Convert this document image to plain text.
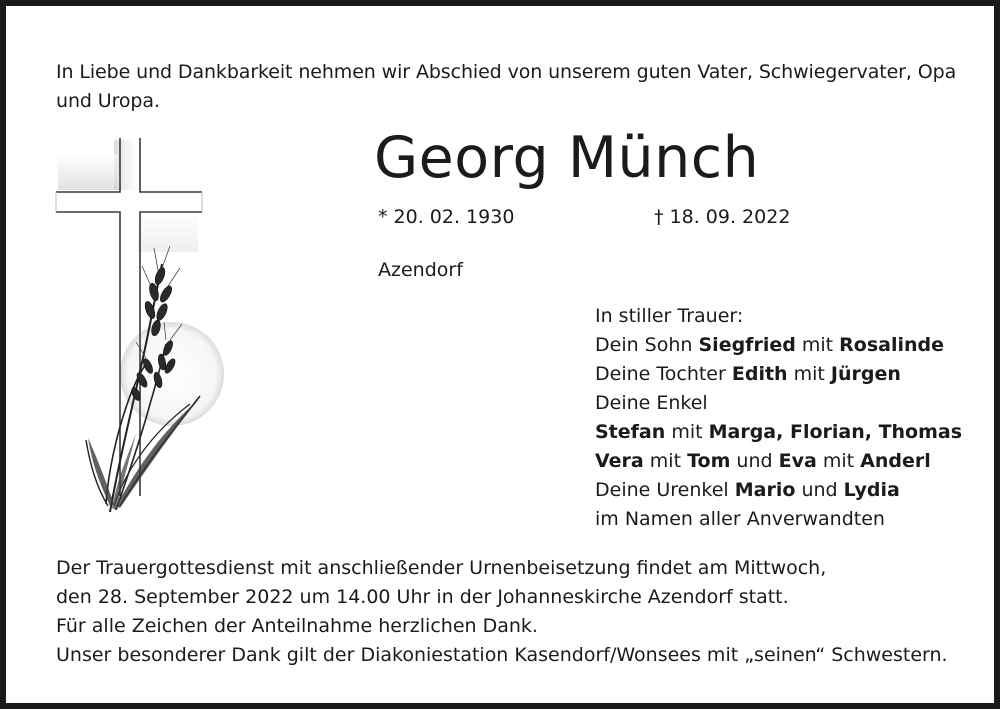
In Liebe und Dankbarkeit nehmen wir Abschied von unserem guten Vater, Schwiegervater, Opa und Uropa.
Georg Münch
* 20. 02. 1930	† 18. 09. 2022
Azendorf
In stiller Trauer:
Dein Sohn Siegfried mit Rosalinde
Deine Tochter Edith mit Jürgen
Deine Enkel
Stefan mit Marga, Florian, Thomas
Vera mit Tom und Eva mit Anderl
Deine Urenkel Mario und Lydia
im Namen aller Anverwandten
Der Trauergottesdienst mit anschließender Urnenbeisetzung findet am Mittwoch,
den 28. September 2022 um 14.00 Uhr in der Johanneskirche Azendorf statt.
Für alle Zeichen der Anteilnahme herzlichen Dank.
Unser besonderer Dank gilt der Diakoniestation Kasendorf/Wonsees mit „seinen“ Schwestern.
